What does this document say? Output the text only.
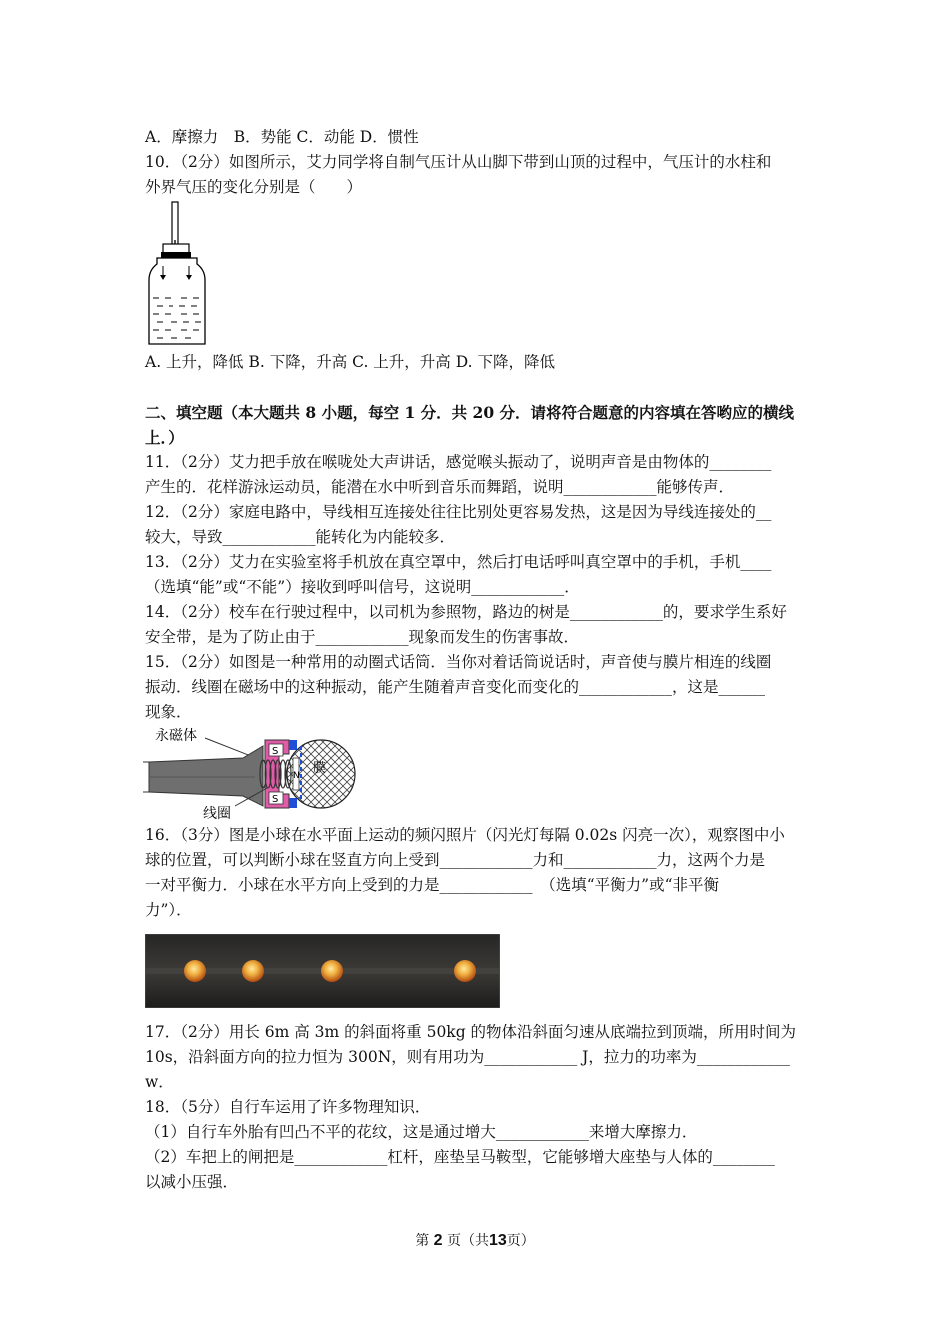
A．摩擦力　B．势能 C．动能 D．惯性
10．（2分）如图所示，艾力同学将自制气压计从山脚下带到山顶的过程中，气压计的水柱和
外界气压的变化分别是（　　）
A. 上升，降低 B. 下降，升高 C. 上升，升高 D. 下降，降低
二、填空题（本大题共 8 小题，每空 1 分．共 20 分．请将符合题意的内容填在答哟应的横线
上．）
11．（2分）艾力把手放在喉咙处大声讲话，感觉喉头振动了，说明声音是由物体的________
产生的．花样游泳运动员，能潜在水中听到音乐而舞蹈，说明____________能够传声．
12．（2分）家庭电路中，导线相互连接处往往比别处更容易发热，这是因为导线连接处的__
较大，导致____________能转化为内能较多．
13．（2分）艾力在实验室将手机放在真空罩中，然后打电话呼叫真空罩中的手机，手机____
（选填“能”或“不能”）接收到呼叫信号，这说明____________．
14．（2分）校车在行驶过程中，以司机为参照物，路边的树是____________的，要求学生系好
安全带，是为了防止由于____________现象而发生的伤害事故．
15．（2分）如图是一种常用的动圈式话筒．当你对着话筒说话时，声音使与膜片相连的线圈
振动．线圈在磁场中的这种振动，能产生随着声音变化而变化的____________，这是______
现象．
永磁体
膜
S
S
N
线圈
16．（3分）图是小球在水平面上运动的频闪照片（闪光灯每隔 0.02s 闪亮一次），观察图中小
球的位置，可以判断小球在竖直方向上受到____________力和____________力，这两个力是
一对平衡力．小球在水平方向上受到的力是____________　（选填“平衡力”或“非平衡
力”）．
17．（2分）用长 6m 高 3m 的斜面将重 50kg 的物体沿斜面匀速从底端拉到顶端，所用时间为
10s，沿斜面方向的拉力恒为 300N，则有用功为____________ J，拉力的功率为____________
w．
18．（5分）自行车运用了许多物理知识．
（1）自行车外胎有凹凸不平的花纹，这是通过增大____________来增大摩擦力．
（2）车把上的闸把是____________杠杆，座垫呈马鞍型，它能够增大座垫与人体的________
以减小压强．
第 2 页（共13页）
